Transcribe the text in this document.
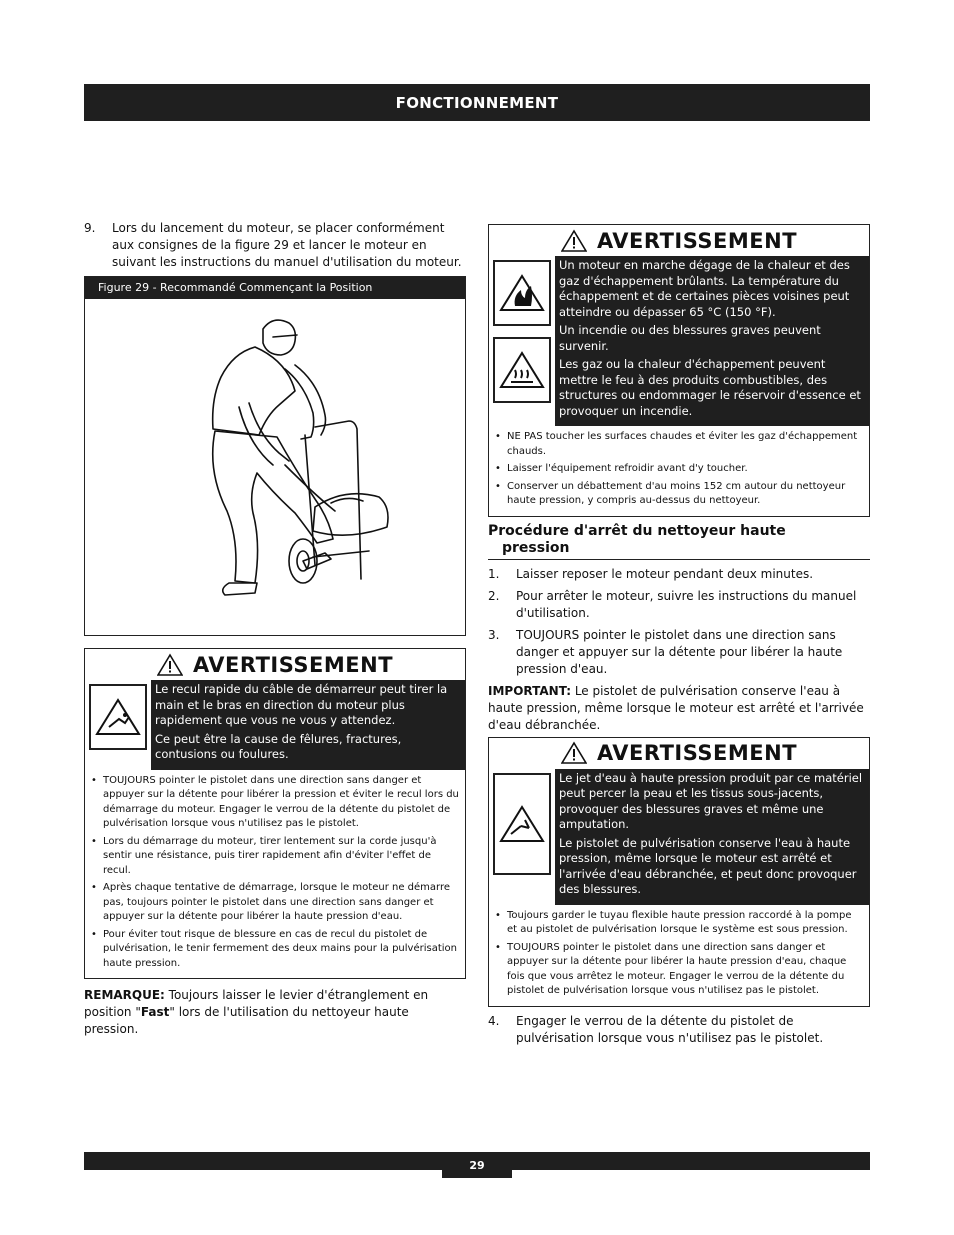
FONCTIONNEMENT
9.	Lors du lancement du moteur, se placer conformément aux consignes de la figure 29 et lancer le moteur en suivant les instructions du manuel d'utilisation du moteur.
Figure 29 - Recommandé Commençant la Position
AVERTISSEMENT

Le recul rapide du câble de démarreur peut tirer la main et le bras en direction du moteur plus rapidement que vous ne vous y attendez.

Ce peut être la cause de fêlures, fractures, contusions ou foulures.

• TOUJOURS pointer le pistolet dans une direction sans danger et appuyer sur la détente pour libérer la pression et éviter le recul lors du démarrage du moteur. Engager le verrou de la détente du pistolet de pulvérisation lorsque vous n'utilisez pas le pistolet.
• Lors du démarrage du moteur, tirer lentement sur la corde jusqu'à sentir une résistance, puis tirer rapidement afin d'éviter l'effet de recul.
• Après chaque tentative de démarrage, lorsque le moteur ne démarre pas, toujours pointer le pistolet dans une direction sans danger et appuyer sur la détente pour libérer la haute pression d'eau.
• Pour éviter tout risque de blessure en cas de recul du pistolet de pulvérisation, le tenir fermement des deux mains pour la pulvérisation haute pression.
REMARQUE: Toujours laisser le levier d'étranglement en position "Fast" lors de l'utilisation du nettoyeur haute pression.
AVERTISSEMENT

Un moteur en marche dégage de la chaleur et des gaz d'échappement brûlants. La température du échappement et de certaines pièces voisines peut atteindre ou dépasser 65 °C (150 °F).

Un incendie ou des blessures graves peuvent survenir.

Les gaz ou la chaleur d'échappement peuvent mettre le feu à des produits combustibles, des structures ou endommager le réservoir d'essence et provoquer un incendie.

• NE PAS toucher les surfaces chaudes et éviter les gaz d'échappement chauds.
• Laisser l'équipement refroidir avant d'y toucher.
• Conserver un débattement d'au moins 152 cm autour du nettoyeur haute pression, y compris au-dessus du nettoyeur.
Procédure d'arrêt du nettoyeur haute
pression
1.	Laisser reposer le moteur pendant deux minutes.
2.	Pour arrêter le moteur, suivre les instructions du manuel d'utilisation.
3.	TOUJOURS pointer le pistolet dans une direction sans danger et appuyer sur la détente pour libérer la haute pression d'eau.
IMPORTANT: Le pistolet de pulvérisation conserve l'eau à haute pression, même lorsque le moteur est arrêté et l'arrivée d'eau débranchée.
AVERTISSEMENT

Le jet d'eau à haute pression produit par ce matériel peut percer la peau et les tissus sous-jacents, provoquer des blessures graves et même une amputation.

Le pistolet de pulvérisation conserve l'eau à haute pression, même lorsque le moteur est arrêté et l'arrivée d'eau débranchée, et peut donc provoquer des blessures.

• Toujours garder le tuyau flexible haute pression raccordé à la pompe et au pistolet de pulvérisation lorsque le système est sous pression.
• TOUJOURS pointer le pistolet dans une direction sans danger et appuyer sur la détente pour libérer la haute pression d'eau, chaque fois que vous arrêtez le moteur. Engager le verrou de la détente du pistolet de pulvérisation lorsque vous n'utilisez pas le pistolet.
4.	Engager le verrou de la détente du pistolet de pulvérisation lorsque vous n'utilisez pas le pistolet.
29
